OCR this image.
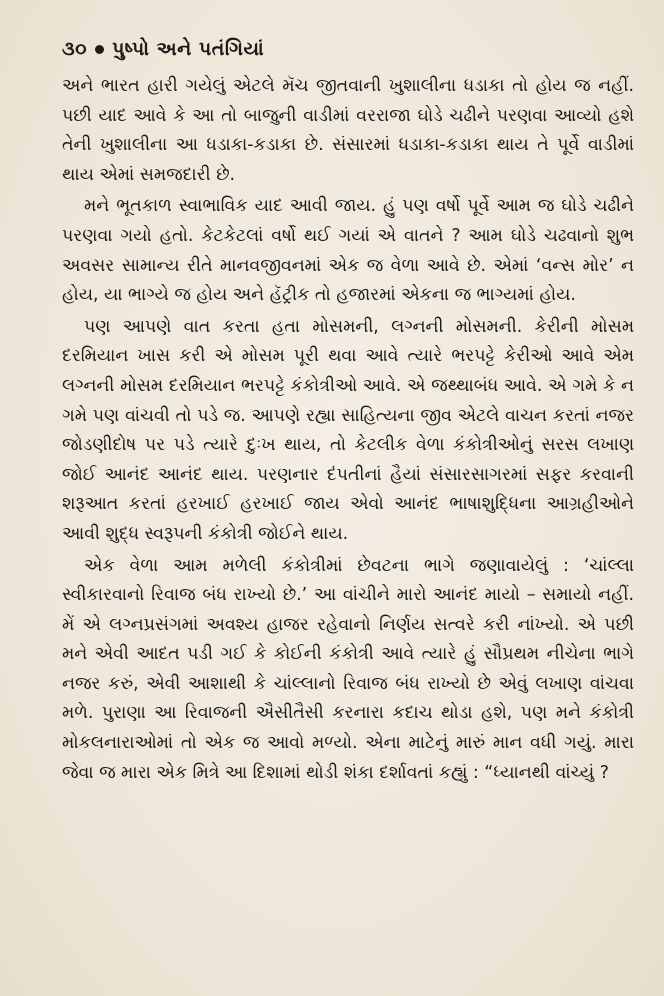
૩૦ પુષ્પો અને પતંગિયાં

અને ભારત હારી ગયેલું એટલે મૅચ જીતવાની ખુશાલીના ધડાકા તો હોય જ નહીં. પછી યાદ આવે કે આ તો બાજુની વાડીમાં વરરાજા ઘોડે ચઢીને પરણવા આવ્યો હશે તેની ખુશાલીના આ ધડાકા-કડાકા છે. સંસારમાં ધડાકા-કડાકા થાય તે પૂર્વે વાડીમાં થાય એમાં સમજદારી છે.

મને ભૂતકાળ સ્વાભાવિક યાદ આવી જાય. હું પણ વર્ષો પૂર્વે આમ જ ઘોડે ચઢીને પરણવા ગયો હતો. કેટકેટલાં વર્ષો થઈ ગયાં એ વાતને ? આમ ઘોડે ચઢવાનો શુભ અવસર સામાન્ય રીતે માનવજીવનમાં એક જ વેળા આવે છે. એમાં ‘વન્સ મોર’ ન હોય, યા ભાગ્યે જ હોય અને હૅટ્રીક તો હજારમાં એકના જ ભાગ્યમાં હોય.

પણ આપણે વાત કરતા હતા મોસમની, લગ્નની મોસમની. કેરીની મોસમ દરમિયાન ખાસ કરી એ મોસમ પૂરી થવા આવે ત્યારે ભરપટ્ટે કેરીઓ આવે એમ લગ્નની મોસમ દરમિયાન ભરપટ્ટે કંકોત્રીઓ આવે. એ જથ્થાબંધ આવે. એ ગમે કે ન ગમે પણ વાંચવી તો પડે જ. આપણે રહ્યા સાહિત્યના જીવ એટલે વાચન કરતાં નજર જોડણીદોષ પર પડે ત્યારે દુઃખ થાય, તો કેટલીક વેળા કંકોત્રીઓનું સરસ લખાણ જોઈ આનંદ આનંદ થાય. પરણનાર દંપતીનાં હૈયાં સંસારસાગરમાં સફર કરવાની શરૂઆત કરતાં હરખાઈ હરખાઈ જાય એવો આનંદ ભાષાશુદ્ધિના આગ્રહીઓને આવી શુદ્ધ સ્વરૂપની કંકોત્રી જોઈને થાય.

એક વેળા આમ મળેલી કંકોત્રીમાં છેવટના ભાગે જણાવાયેલું : ‘ચાંલ્લા સ્વીકારવાનો રિવાજ બંધ રાખ્યો છે.’ આ વાંચીને મારો આનંદ માયો – સમાયો નહીં. મેં એ લગ્નપ્રસંગમાં અવશ્ય હાજર રહેવાનો નિર્ણય સત્વરે કરી નાંખ્યો. એ પછી મને એવી આદત પડી ગઈ કે કોઈની કંકોત્રી આવે ત્યારે હું સૌપ્રથમ નીચેના ભાગે નજર કરું, એવી આશાથી કે ચાંલ્લાનો રિવાજ બંધ રાખ્યો છે એવું લખાણ વાંચવા મળે. પુરાણા આ રિવાજની ઐસીતૈસી કરનારા કદાચ થોડા હશે, પણ મને કંકોત્રી મોકલનારાઓમાં તો એક જ આવો મળ્યો. એના માટેનું મારું માન વધી ગયું. મારા જેવા જ મારા એક મિત્રે આ દિશામાં થોડી શંકા દર્શાવતાં કહ્યું : “ધ્યાનથી વાંચ્યું ?
